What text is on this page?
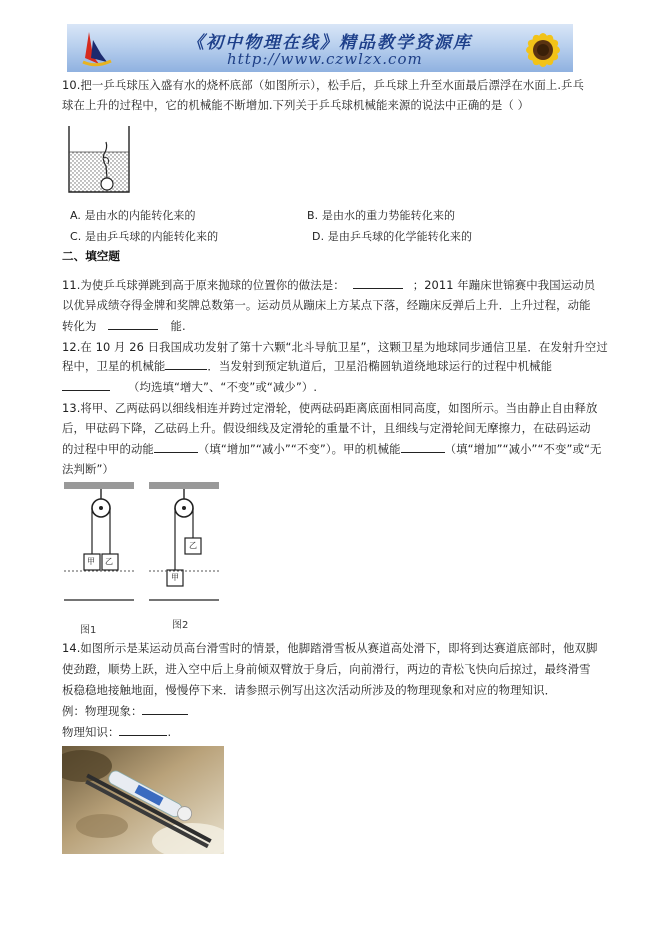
《初中物理在线》精品教学资源库
http://www.czwlzx.com
10.把一乒乓球压入盛有水的烧杯底部（如图所示），松手后，乒乓球上升至水面最后漂浮在水面上.乒乓
球在上升的过程中，它的机械能不断增加.下列关于乒乓球机械能来源的说法中正确的是（ ）
A. 是由水的内能转化来的	B. 是由水的重力势能转化来的
C. 是由乒乓球的内能转化来的	D. 是由乒乓球的化学能转化来的
二、填空题
11.为使乒乓球弹跳到高于原来抛球的位置你的做法是：	；2011 年蹦床世锦赛中我国运动员
以优异成绩夺得金牌和奖牌总数第一。运动员从蹦床上方某点下落，经蹦床反弹后上升．上升过程，动能
转化为	能.
12.在 10 月 26 日我国成功发射了第十六颗“北斗导航卫星”，这颗卫星为地球同步通信卫星．在发射升空过
程中，卫星的机械能	．当发射到预定轨道后，卫星沿椭圆轨道绕地球运行的过程中机械能
（均选填“增大”、“不变”或“减少”）.
13.将甲、乙两砝码以细线相连并跨过定滑轮，使两砝码距离底面相同高度，如图所示。当由静止自由释放
后，甲砝码下降，乙砝码上升。假设细线及定滑轮的重量不计，且细线与定滑轮间无摩擦力，在砝码运动
的过程中甲的动能	（填“增加”“减小”“不变”）。甲的机械能	（填“增加”“减小”“不变”或“无
法判断”）
甲 乙
图1
乙
甲
图2
14.如图所示是某运动员高台滑雪时的情景，他脚踏滑雪板从赛道高处滑下，即将到达赛道底部时，他双脚
使劲蹬，顺势上跃，进入空中后上身前倾双臂放于身后，向前滑行，两边的青松飞快向后掠过，最终滑雪
板稳稳地接触地面，慢慢停下来．请参照示例写出这次活动所涉及的物理现象和对应的物理知识．
例：物理现象：
物理知识：	.
